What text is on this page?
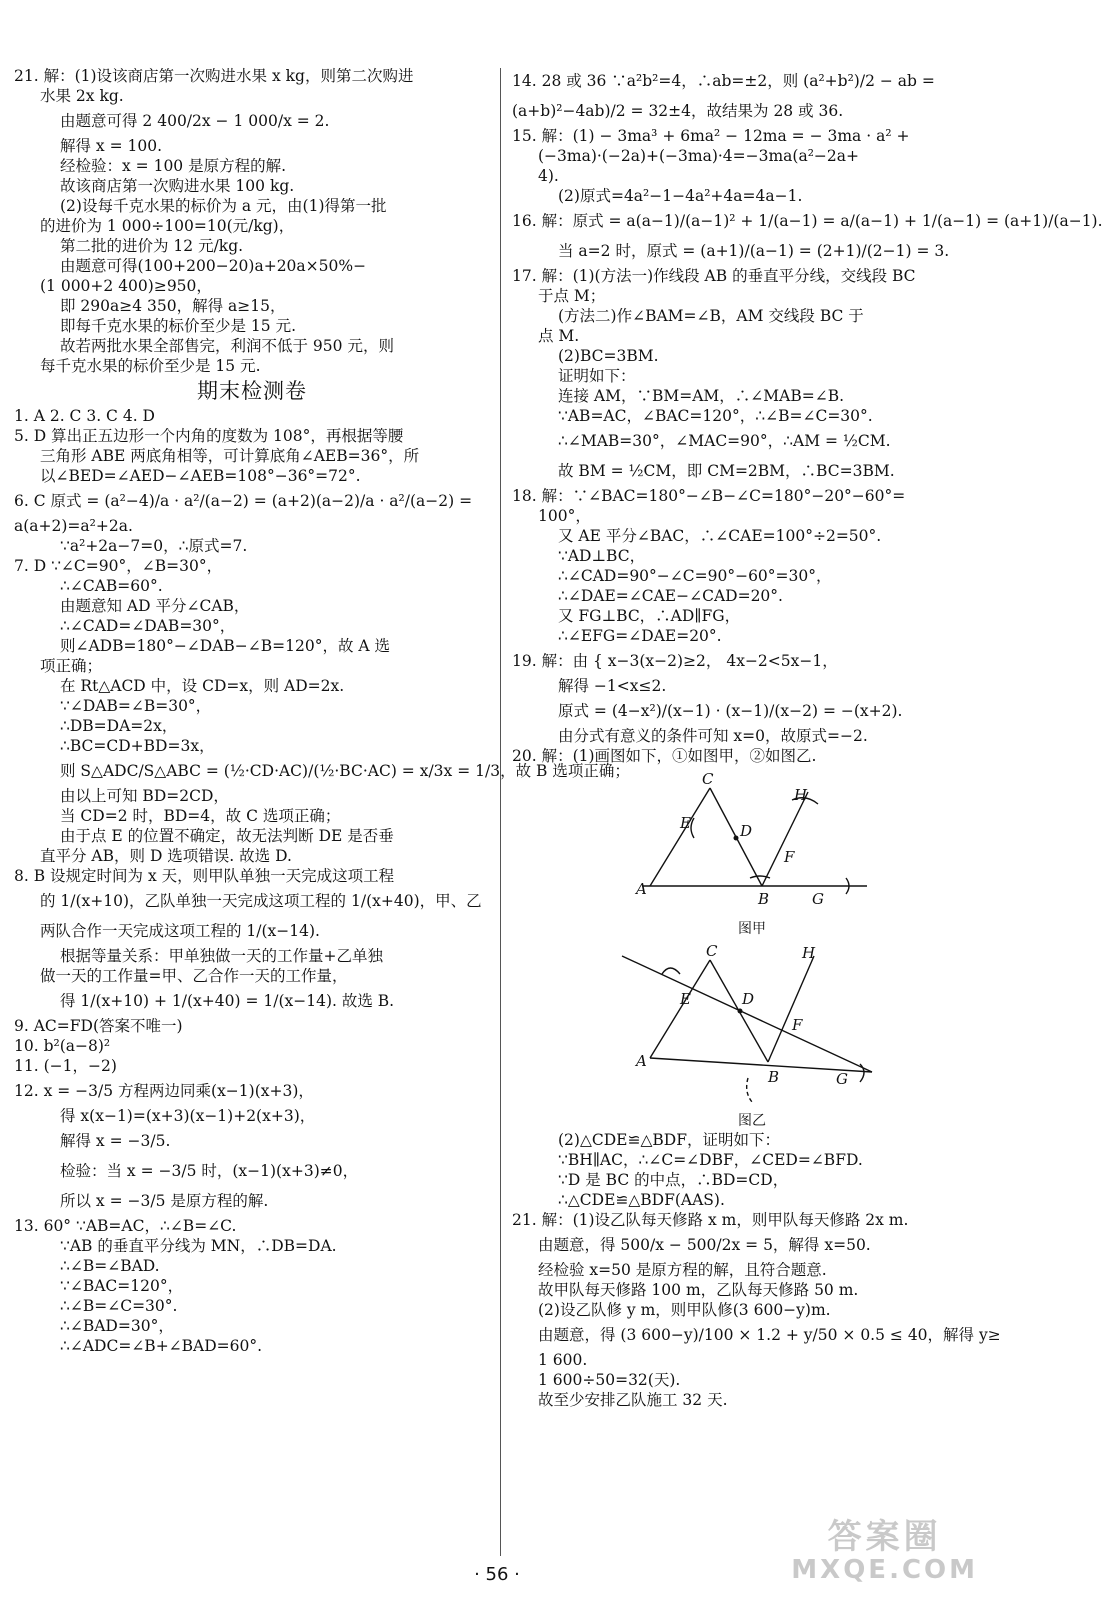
21. 解：(1)设该商店第一次购进水果 x kg，则第二次购进
水果 2x kg.
由题意可得 2 400/2x − 1 000/x = 2.
解得 x = 100.
经检验：x = 100 是原方程的解.
故该商店第一次购进水果 100 kg.
(2)设每千克水果的标价为 a 元，由(1)得第一批
的进价为 1 000÷100=10(元/kg)，
第二批的进价为 12 元/kg.
由题意可得(100+200−20)a+20a×50%−
(1 000+2 400)≥950，
即 290a≥4 350，解得 a≥15，
即每千克水果的标价至少是 15 元.
故若两批水果全部售完，利润不低于 950 元，则
每千克水果的标价至少是 15 元.
期末检测卷
1. A 2. C 3. C 4. D
5. D 算出正五边形一个内角的度数为 108°，再根据等腰
三角形 ABE 两底角相等，可计算底角∠AEB=36°，所
以∠BED=∠AED−∠AEB=108°−36°=72°.
6. C 原式 = (a²−4)/a · a²/(a−2) = (a+2)(a−2)/a · a²/(a−2) =
a(a+2)=a²+2a.
∵a²+2a−7=0，∴原式=7.
7. D ∵∠C=90°，∠B=30°，
∴∠CAB=60°.
由题意知 AD 平分∠CAB，
∴∠CAD=∠DAB=30°，
则∠ADB=180°−∠DAB−∠B=120°，故 A 选
项正确；
在 Rt△ACD 中，设 CD=x，则 AD=2x.
∵∠DAB=∠B=30°，
∴DB=DA=2x，
∴BC=CD+BD=3x，
则 S△ADC/S△ABC = (½·CD·AC)/(½·BC·AC) = x/3x = 1/3，故 B 选项正确；
由以上可知 BD=2CD，
当 CD=2 时，BD=4，故 C 选项正确；
由于点 E 的位置不确定，故无法判断 DE 是否垂
直平分 AB，则 D 选项错误. 故选 D.
8. B 设规定时间为 x 天，则甲队单独一天完成这项工程
的 1/(x+10)，乙队单独一天完成这项工程的 1/(x+40)，甲、乙
两队合作一天完成这项工程的 1/(x−14).
根据等量关系：甲单独做一天的工作量+乙单独
做一天的工作量=甲、乙合作一天的工作量，
得 1/(x+10) + 1/(x+40) = 1/(x−14). 故选 B.
9. AC=FD(答案不唯一)
10. b²(a−8)²
11. (−1，−2)
12. x = −3/5 方程两边同乘(x−1)(x+3)，
得 x(x−1)=(x+3)(x−1)+2(x+3)，
解得 x = −3/5.
检验：当 x = −3/5 时，(x−1)(x+3)≠0，
所以 x = −3/5 是原方程的解.
13. 60° ∵AB=AC，∴∠B=∠C.
∵AB 的垂直平分线为 MN，∴DB=DA.
∴∠B=∠BAD.
∵∠BAC=120°，
∴∠B=∠C=30°.
∴∠BAD=30°，
∴∠ADC=∠B+∠BAD=60°.
14. 28 或 36 ∵a²b²=4，∴ab=±2，则 (a²+b²)/2 − ab =
(a+b)²−4ab)/2 = 32±4，故结果为 28 或 36.
15. 解：(1) − 3ma³ + 6ma² − 12ma = − 3ma · a² +
(−3ma)·(−2a)+(−3ma)·4=−3ma(a²−2a+
4).
(2)原式=4a²−1−4a²+4a=4a−1.
16. 解：原式 = a(a−1)/(a−1)² + 1/(a−1) = a/(a−1) + 1/(a−1) = (a+1)/(a−1).
当 a=2 时，原式 = (a+1)/(a−1) = (2+1)/(2−1) = 3.
17. 解：(1)(方法一)作线段 AB 的垂直平分线，交线段 BC
于点 M；
(方法二)作∠BAM=∠B，AM 交线段 BC 于
点 M.
(2)BC=3BM.
证明如下：
连接 AM，∵BM=AM，∴∠MAB=∠B.
∵AB=AC，∠BAC=120°，∴∠B=∠C=30°.
∴∠MAB=30°，∠MAC=90°，∴AM = ½CM.
故 BM = ½CM，即 CM=2BM，∴BC=3BM.
18. 解：∵∠BAC=180°−∠B−∠C=180°−20°−60°=
100°，
又 AE 平分∠BAC，∴∠CAE=100°÷2=50°.
∵AD⊥BC，
∴∠CAD=90°−∠C=90°−60°=30°，
∴∠DAE=∠CAE−∠CAD=20°.
又 FG⊥BC，∴AD∥FG，
∴∠EFG=∠DAE=20°.
19. 解：由 { x−3(x−2)≥2， 4x−2<5x−1，
解得 −1<x≤2.
原式 = (4−x²)/(x−1) · (x−1)/(x−2) = −(x+2).
由分式有意义的条件可知 x=0，故原式=−2.
20. 解：(1)画图如下，①如图甲，②如图乙.
A
C
E	D
F
H
B	G
图甲
A
C
E	D
F
H
B	G
图乙
(2)△CDE≌△BDF，证明如下：
∵BH∥AC，∴∠C=∠DBF，∠CED=∠BFD.
∵D 是 BC 的中点，∴BD=CD，
∴△CDE≌△BDF(AAS).
21. 解：(1)设乙队每天修路 x m，则甲队每天修路 2x m.
由题意，得 500/x − 500/2x = 5，解得 x=50.
经检验 x=50 是原方程的解，且符合题意.
故甲队每天修路 100 m，乙队每天修路 50 m.
(2)设乙队修 y m，则甲队修(3 600−y)m.
由题意，得 (3 600−y)/100 × 1.2 + y/50 × 0.5 ≤ 40，解得 y≥
1 600.
1 600÷50=32(天).
故至少安排乙队施工 32 天.
· 56 ·
答案圈
MXQE.COM
